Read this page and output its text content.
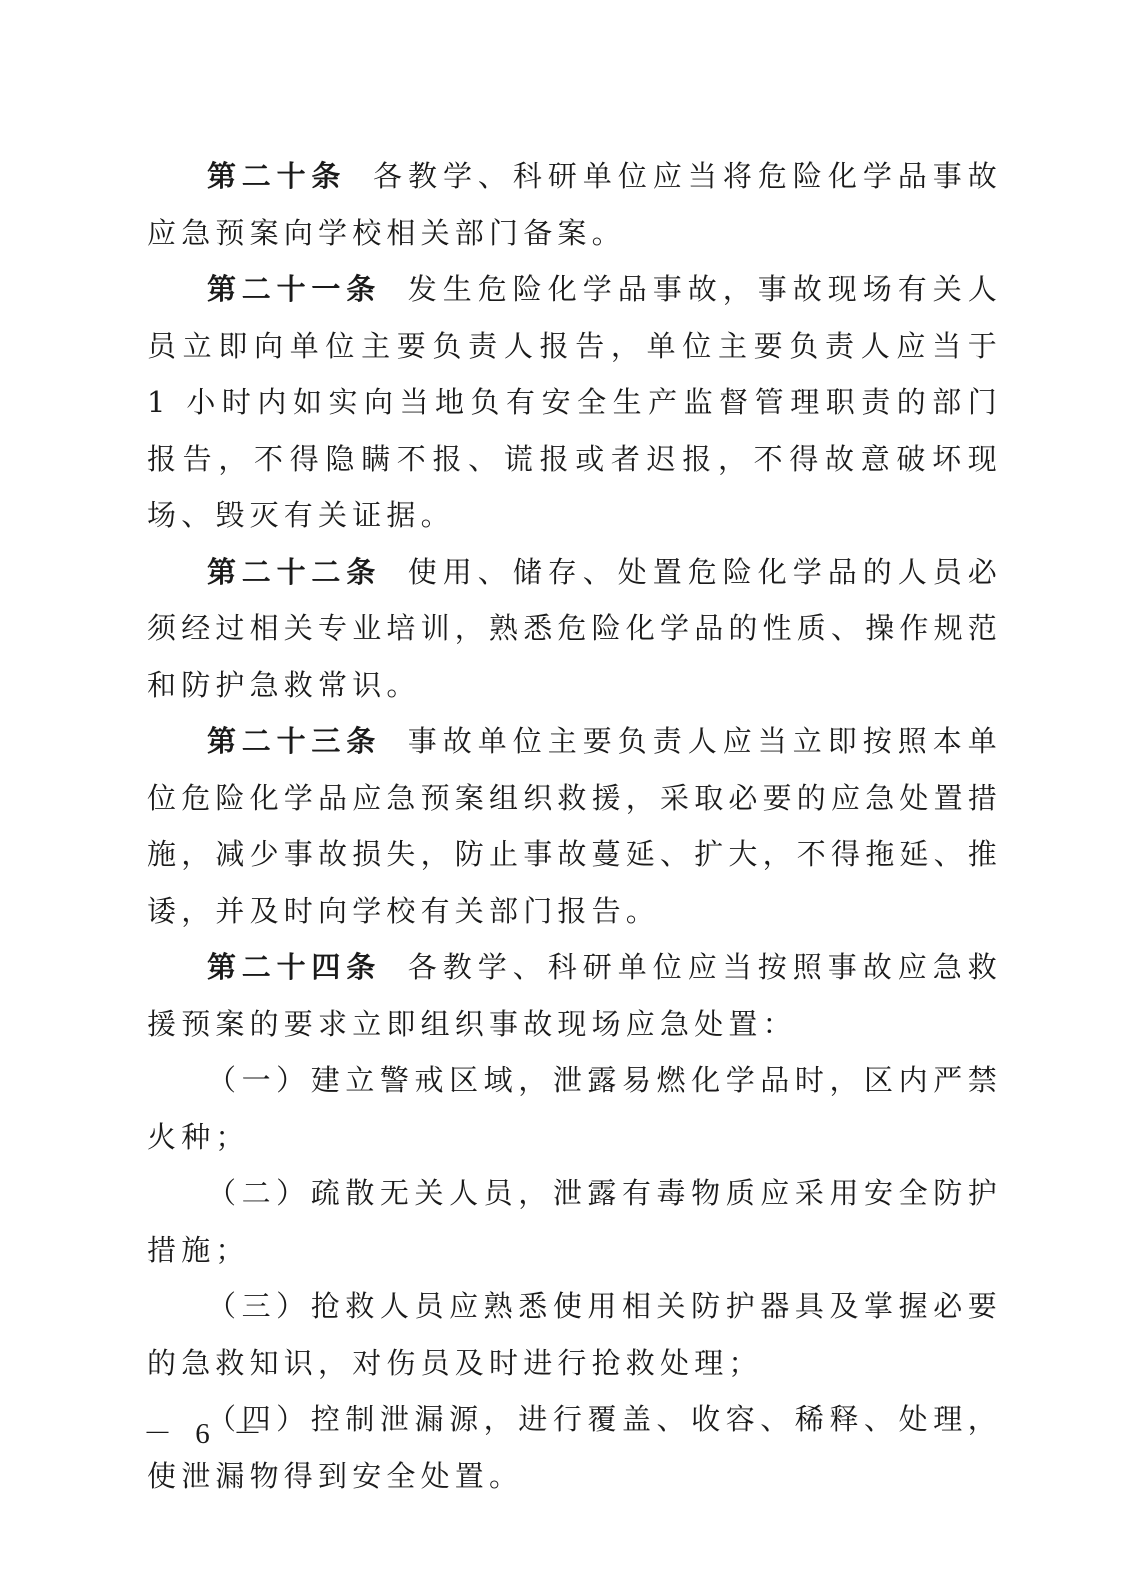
第二十条 各教学、科研单位应当将危险化学品事故应急预案向学校相关部门备案。

第二十一条 发生危险化学品事故，事故现场有关人员立即向单位主要负责人报告，单位主要负责人应当于 1 小时内如实向当地负有安全生产监督管理职责的部门报告，不得隐瞒不报、谎报或者迟报，不得故意破坏现场、毁灭有关证据。

第二十二条 使用、储存、处置危险化学品的人员必须经过相关专业培训，熟悉危险化学品的性质、操作规范和防护急救常识。

第二十三条 事故单位主要负责人应当立即按照本单位危险化学品应急预案组织救援，采取必要的应急处置措施，减少事故损失，防止事故蔓延、扩大，不得拖延、推诿，并及时向学校有关部门报告。

第二十四条 各教学、科研单位应当按照事故应急救援预案的要求立即组织事故现场应急处置：

（一）建立警戒区域，泄露易燃化学品时，区内严禁火种；

（二）疏散无关人员，泄露有毒物质应采用安全防护措施；

（三）抢救人员应熟悉使用相关防护器具及掌握必要的急救知识，对伤员及时进行抢救处理；

（四）控制泄漏源，进行覆盖、收容、稀释、处理，使泄漏物得到安全处置。

－ 6 －
